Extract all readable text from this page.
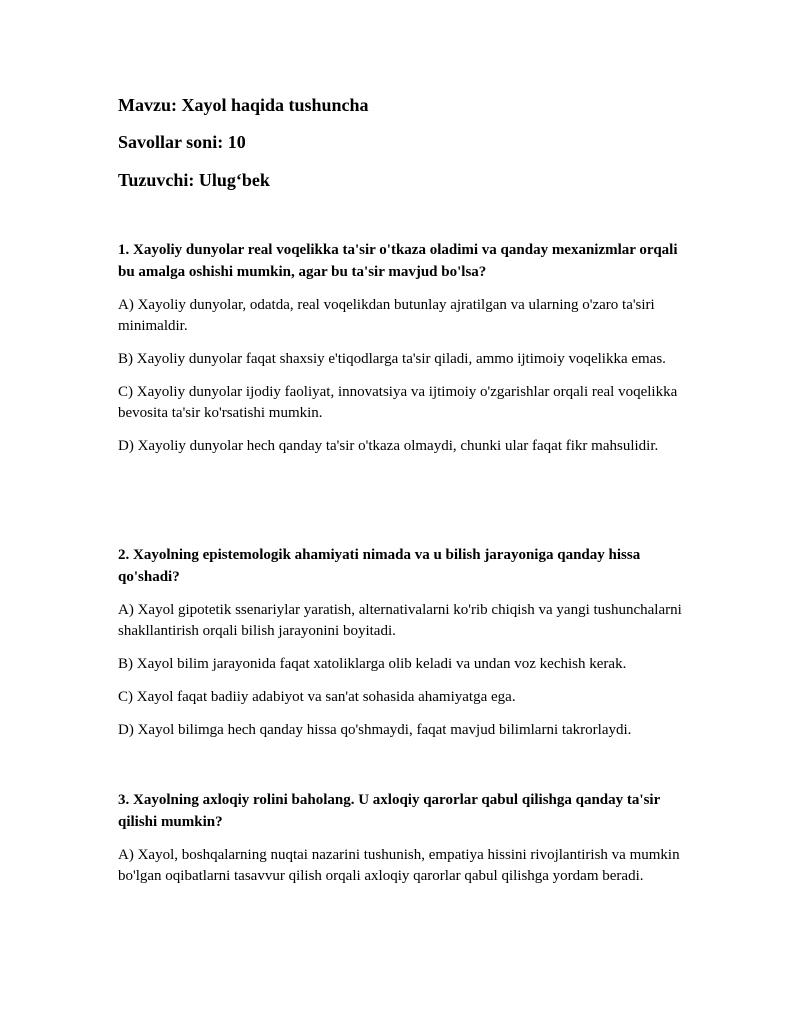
Mavzu: Xayol haqida tushuncha
Savollar soni: 10
Tuzuvchi: Ulug‘bek

1. Xayoliy dunyolar real voqelikka ta'sir o'tkaza oladimi va qanday mexanizmlar orqali bu amalga oshishi mumkin, agar bu ta'sir mavjud bo'lsa?

A) Xayoliy dunyolar, odatda, real voqelikdan butunlay ajratilgan va ularning o'zaro ta'siri minimaldir.

B) Xayoliy dunyolar faqat shaxsiy e'tiqodlarga ta'sir qiladi, ammo ijtimoiy voqelikka emas.

C) Xayoliy dunyolar ijodiy faoliyat, innovatsiya va ijtimoiy o'zgarishlar orqali real voqelikka bevosita ta'sir ko'rsatishi mumkin.

D) Xayoliy dunyolar hech qanday ta'sir o'tkaza olmaydi, chunki ular faqat fikr mahsulidir.

2. Xayolning epistemologik ahamiyati nimada va u bilish jarayoniga qanday hissa qo'shadi?

A) Xayol gipotetik ssenariylar yaratish, alternativalarni ko'rib chiqish va yangi tushunchalarni shakllantirish orqali bilish jarayonini boyitadi.

B) Xayol bilim jarayonida faqat xatoliklarga olib keladi va undan voz kechish kerak.

C) Xayol faqat badiiy adabiyot va san'at sohasida ahamiyatga ega.

D) Xayol bilimga hech qanday hissa qo'shmaydi, faqat mavjud bilimlarni takrorlaydi.

3. Xayolning axloqiy rolini baholang. U axloqiy qarorlar qabul qilishga qanday ta'sir qilishi mumkin?

A) Xayol, boshqalarning nuqtai nazarini tushunish, empatiya hissini rivojlantirish va mumkin bo'lgan oqibatlarni tasavvur qilish orqali axloqiy qarorlar qabul qilishga yordam beradi.
